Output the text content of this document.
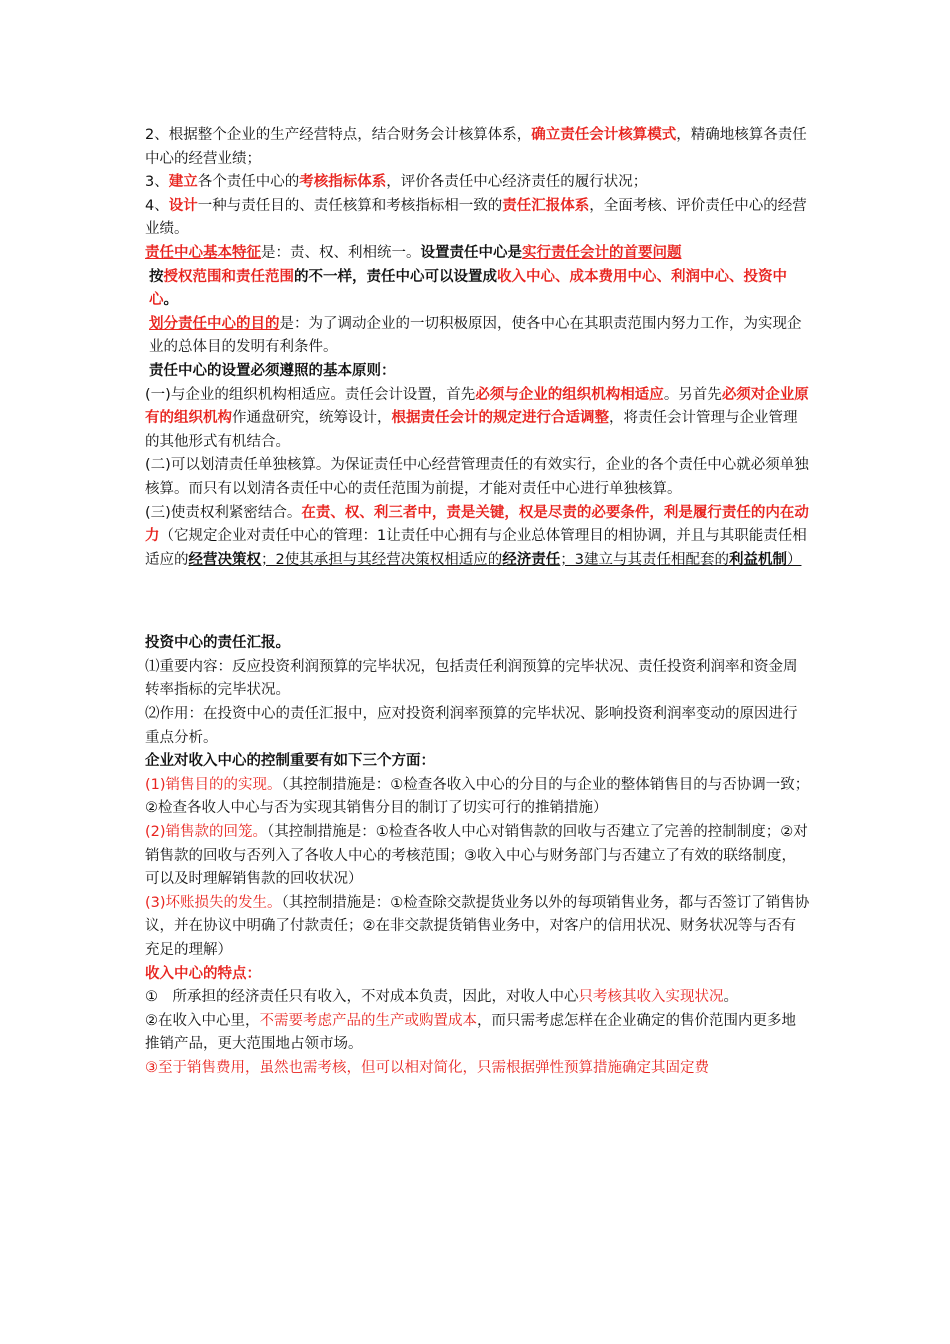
2、根据整个企业的生产经营特点，结合财务会计核算体系，确立责任会计核算模式，精确地核算各责任中心的经营业绩；

3、建立各个责任中心的考核指标体系，评价各责任中心经济责任的履行状况；

4、设计一种与责任目的、责任核算和考核指标相一致的责任汇报体系，全面考核、评价责任中心的经营业绩。

责任中心基本特征是：责、权、利相统一。设置责任中心是实行责任会计的首要问题

按授权范围和责任范围的不一样，责任中心可以设置成收入中心、成本费用中心、利润中心、投资中心。

划分责任中心的目的是：为了调动企业的一切积极原因，使各中心在其职责范围内努力工作，为实现企业的总体目的发明有利条件。

责任中心的设置必须遵照的基本原则：

(一)与企业的组织机构相适应。责任会计设置，首先必须与企业的组织机构相适应。另首先必须对企业原有的组织机构作通盘研究，统筹设计，根据责任会计的规定进行合适调整，将责任会计管理与企业管理的其他形式有机结合。

(二)可以划清责任单独核算。为保证责任中心经营管理责任的有效实行，企业的各个责任中心就必须单独核算。而只有以划清各责任中心的责任范围为前提，才能对责任中心进行单独核算。

(三)使责权利紧密结合。在责、权、利三者中，责是关键，权是尽责的必要条件，利是履行责任的内在动力（它规定企业对责任中心的管理：1让责任中心拥有与企业总体管理目的相协调，并且与其职能责任相适应的经营决策权；2使其承担与其经营决策权相适应的经济责任；3建立与其责任相配套的利益机制）

投资中心的责任汇报。

⑴重要内容：反应投资利润预算的完毕状况，包括责任利润预算的完毕状况、责任投资利润率和资金周转率指标的完毕状况。

⑵作用：在投资中心的责任汇报中，应对投资利润率预算的完毕状况、影响投资利润率变动的原因进行重点分析。

企业对收入中心的控制重要有如下三个方面：

(1)销售目的的实现。（其控制措施是：①检查各收入中心的分目的与企业的整体销售目的与否协调一致；②检查各收人中心与否为实现其销售分目的制订了切实可行的推销措施）

(2)销售款的回笼。（其控制措施是：①检查各收人中心对销售款的回收与否建立了完善的控制制度；②对销售款的回收与否列入了各收人中心的考核范围；③收入中心与财务部门与否建立了有效的联络制度，可以及时理解销售款的回收状况）

(3)坏账损失的发生。（其控制措施是：①检查除交款提货业务以外的每项销售业务，都与否签订了销售协议，并在协议中明确了付款责任；②在非交款提货销售业务中，对客户的信用状况、财务状况等与否有充足的理解）

收入中心的特点：

①　所承担的经济责任只有收入，不对成本负责，因此，对收人中心只考核其收入实现状况。

②在收入中心里，不需要考虑产品的生产或购置成本，而只需考虑怎样在企业确定的售价范围内更多地推销产品，更大范围地占领市场。

③至于销售费用，虽然也需考核，但可以相对简化，只需根据弹性预算措施确定其固定费
